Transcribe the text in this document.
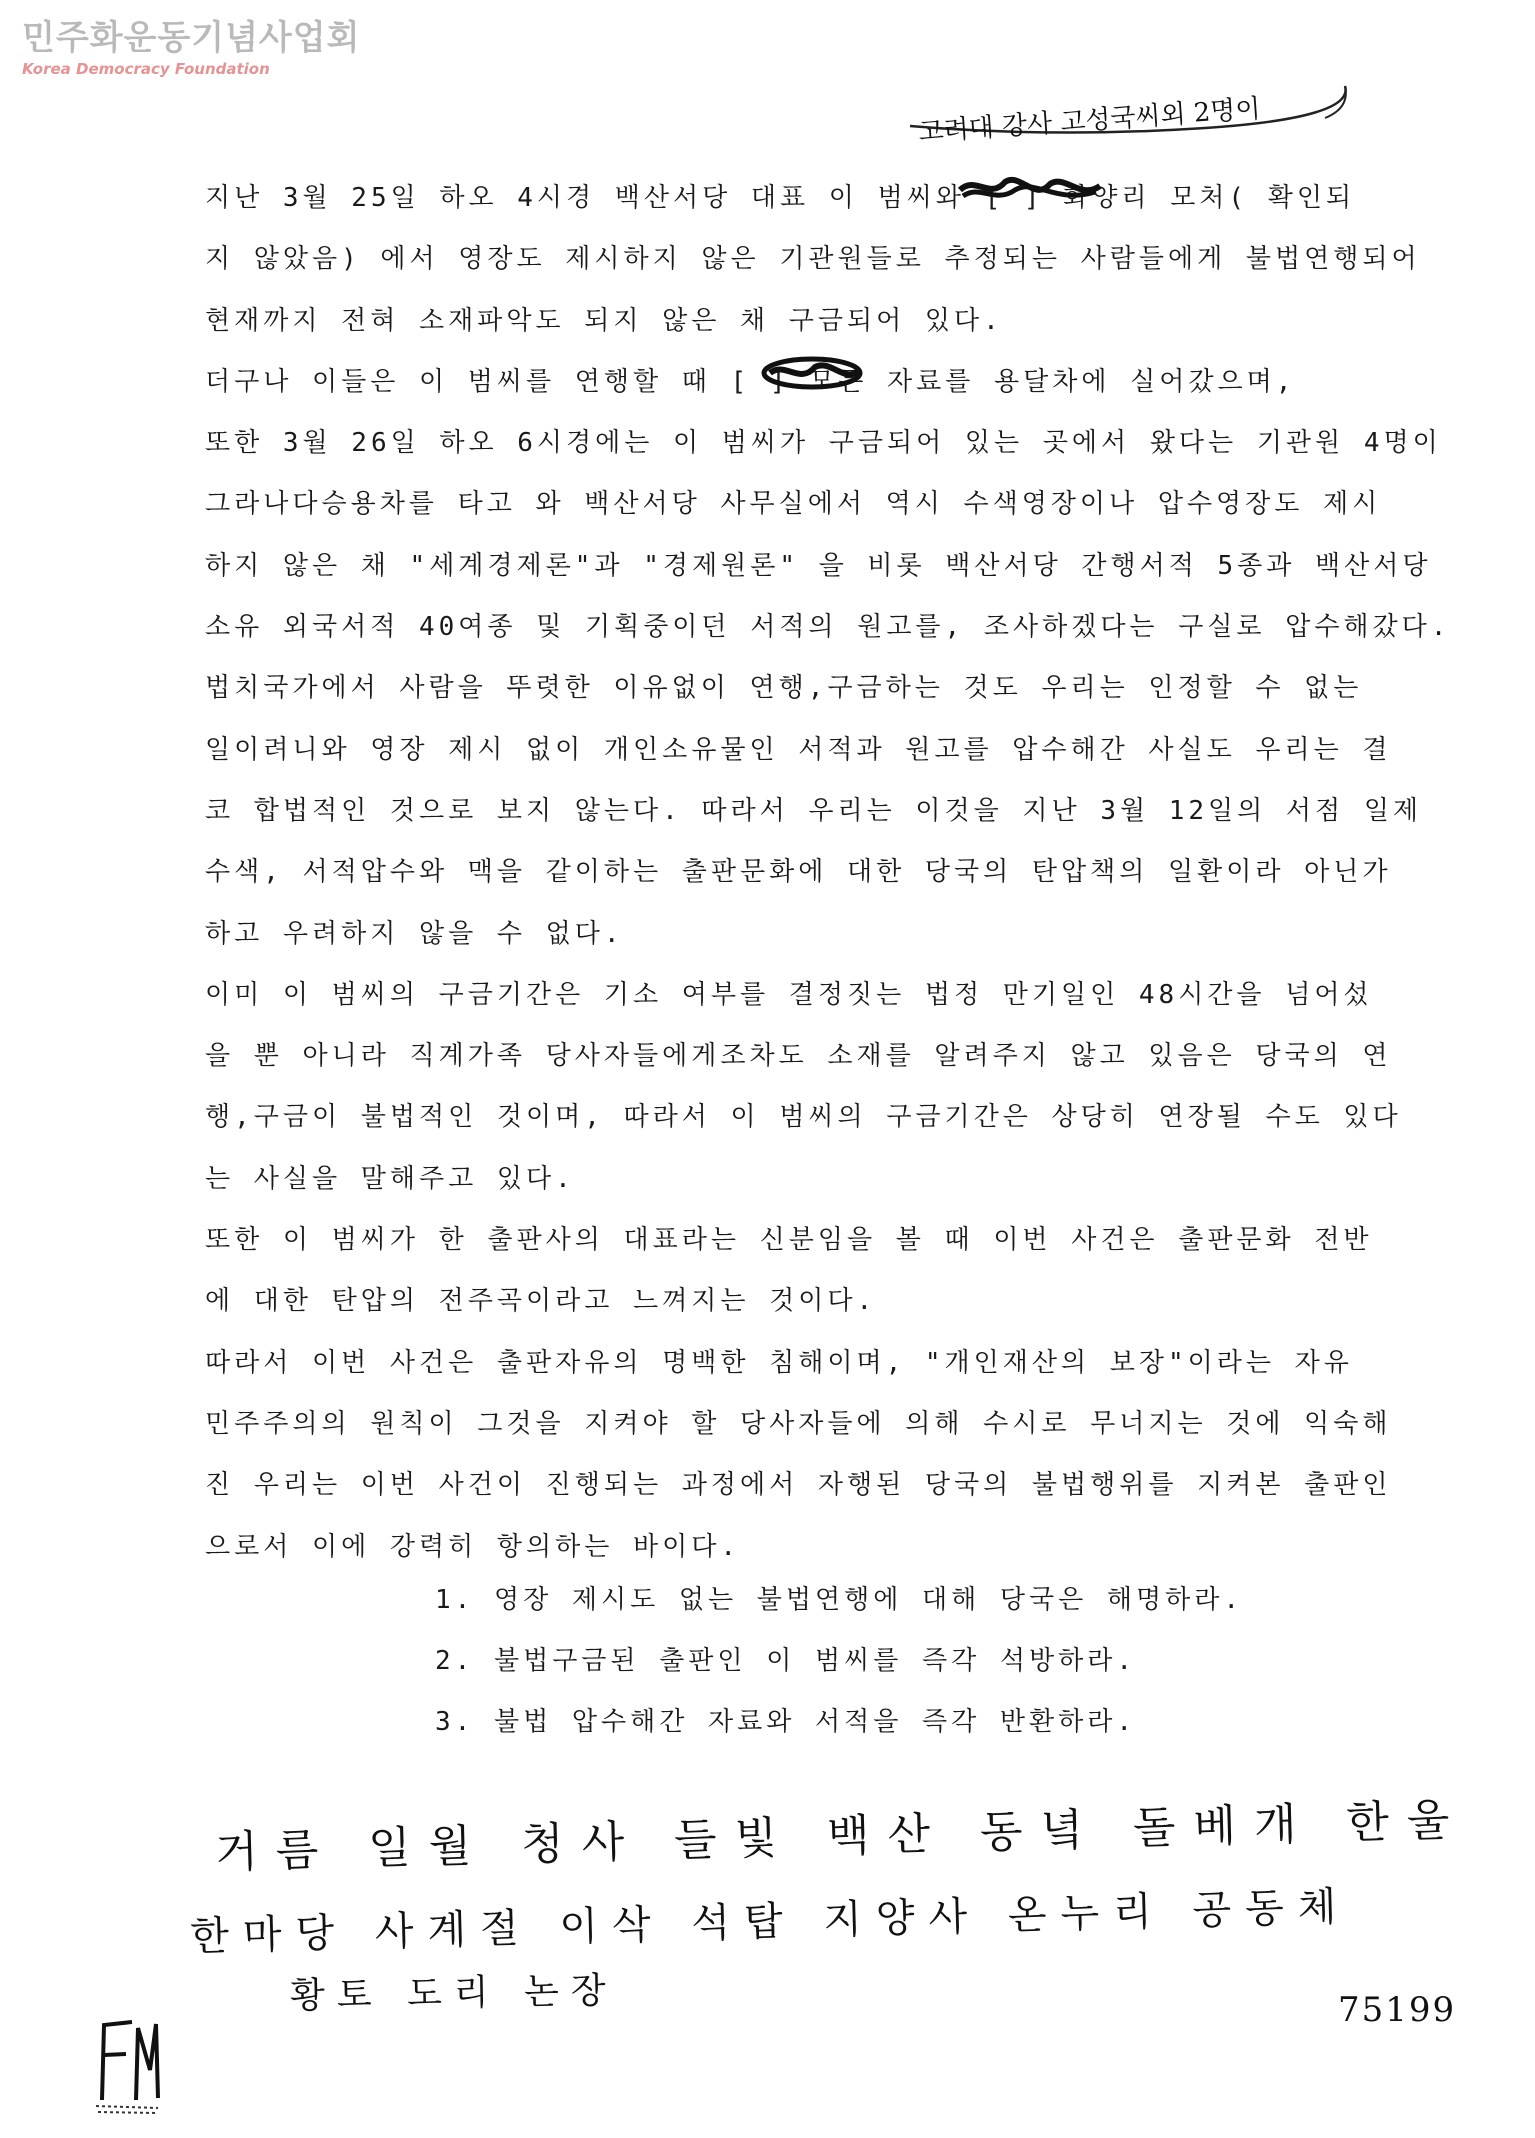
민주화운동기념사업회
Korea Democracy Foundation
고려대 강사 고성국씨외 2명이
지난 3월 25일 하오 4시경 백산서당 대표 이 범씨와 [ ] 화양리 모처( 확인되
지 않았음) 에서 영장도 제시하지 않은 기관원들로 추정되는 사람들에게 불법연행되어
현재까지 전혀 소재파악도 되지 않은 채 구금되어 있다.
더구나 이들은 이 범씨를 연행할 때 [ ] 모든 자료를 용달차에 실어갔으며,
또한 3월 26일 하오 6시경에는 이 범씨가 구금되어 있는 곳에서 왔다는 기관원 4명이
그라나다승용차를 타고 와 백산서당 사무실에서 역시 수색영장이나 압수영장도 제시
하지 않은 채 "세계경제론"과 "경제원론" 을 비롯 백산서당 간행서적 5종과 백산서당
소유 외국서적 40여종 및 기획중이던 서적의 원고를, 조사하겠다는 구실로 압수해갔다.
법치국가에서 사람을 뚜렷한 이유없이 연행,구금하는 것도 우리는 인정할 수 없는
일이려니와 영장 제시 없이 개인소유물인 서적과 원고를 압수해간 사실도 우리는 결
코 합법적인 것으로 보지 않는다. 따라서 우리는 이것을 지난 3월 12일의 서점 일제
수색, 서적압수와 맥을 같이하는 출판문화에 대한 당국의 탄압책의 일환이라 아닌가
하고 우려하지 않을 수 없다.
이미 이 범씨의 구금기간은 기소 여부를 결정짓는 법정 만기일인 48시간을 넘어섰
을 뿐 아니라 직계가족 당사자들에게조차도 소재를 알려주지 않고 있음은 당국의 연
행,구금이 불법적인 것이며, 따라서 이 범씨의 구금기간은 상당히 연장될 수도 있다
는 사실을 말해주고 있다.
또한 이 범씨가 한 출판사의 대표라는 신분임을 볼 때 이번 사건은 출판문화 전반
에 대한 탄압의 전주곡이라고 느껴지는 것이다.
따라서 이번 사건은 출판자유의 명백한 침해이며, "개인재산의 보장"이라는 자유
민주주의의 원칙이 그것을 지켜야 할 당사자들에 의해 수시로 무너지는 것에 익숙해
진 우리는 이번 사건이 진행되는 과정에서 자행된 당국의 불법행위를 지켜본 출판인
으로서 이에 강력히 항의하는 바이다.
1. 영장 제시도 없는 불법연행에 대해 당국은 해명하라.
2. 불법구금된 출판인 이 범씨를 즉각 석방하라.
3. 불법 압수해간 자료와 서적을 즉각 반환하라.
거름 일월 청사 들빛 백산 동녘 돌베개 한울
한마당 사계절 이삭 석탑 지양사 온누리 공동체
황토 도리 논장	75199
